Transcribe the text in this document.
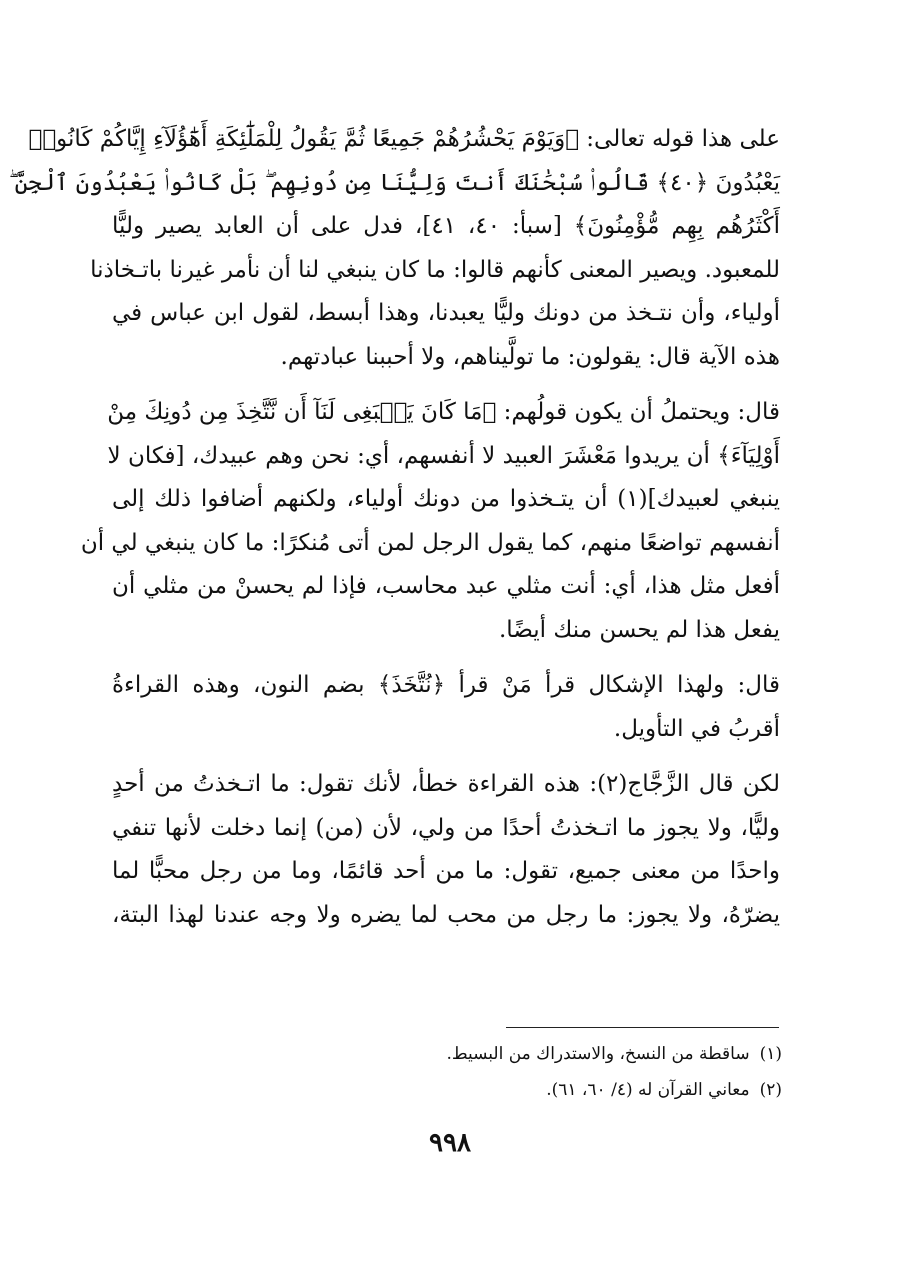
على هذا قوله تعالى: ﴿وَيَوْمَ يَحْشُرُهُمْ جَمِيعًا ثُمَّ يَقُولُ لِلْمَلَٰٓئِكَةِ أَهَٰٓؤُلَآءِ إِيَّاكُمْ كَانُوا۟
يَعْبُدُونَ ﴿٤٠﴾ قَالُوا۟ سُبْحَٰنَكَ أَنتَ وَلِيُّنَا مِن دُونِهِم ۖ بَلْ كَانُوا۟ يَعْبُدُونَ ٱلْجِنَّ ۖ
أَكْثَرُهُم بِهِم مُّؤْمِنُونَ﴾ [سبأ: ٤٠، ٤١]، فدل على أن العابد يصير وليًّا
للمعبود. ويصير المعنى كأنهم قالوا: ما كان ينبغي لنا أن نأمر غيرنا باتـخاذنا
أولياء، وأن نتـخذ من دونك وليًّا يعبدنا، وهذا أبسط، لقول ابن عباس في
هذه الآية قال: يقولون: ما تولَّيناهم، ولا أحببنا عبادتهم.
قال: ويحتملُ أن يكون قولُهم: ﴿مَا كَانَ يَنۢبَغِى لَنَآ أَن نَّتَّخِذَ مِن دُونِكَ مِنْ
أَوْلِيَآءَ﴾ أن يريدوا مَعْشَرَ العبيد لا أنفسهم، أي: نحن وهم عبيدك، [فكان لا
ينبغي لعبيدك](١) أن يتـخذوا من دونك أولياء، ولكنهم أضافوا ذلك إلى
أنفسهم تواضعًا منهم، كما يقول الرجل لمن أتى مُنكرًا: ما كان ينبغي لي أن
أفعل مثل هذا، أي: أنت مثلي عبد محاسب، فإذا لم يحسنْ من مثلي أن
يفعل هذا لم يحسن منك أيضًا.
قال: ولهذا الإشكال قرأ مَنْ قرأ ﴿نُتَّخَذَ﴾ بضم النون، وهذه القراءةُ
أقربُ في التأويل.
لكن قال الزَّجَّاج(٢): هذه القراءة خطأ، لأنك تقول: ما اتـخذتُ من أحدٍ
وليًّا، ولا يجوز ما اتـخذتُ أحدًا من ولي، لأن (من) إنما دخلت لأنها تنفي
واحدًا من معنى جميع، تقول: ما من أحد قائمًا، وما من رجل محبًّا لما
يضرّهُ، ولا يجوز: ما رجل من محب لما يضره ولا وجه عندنا لهذا البتة،
(١)ساقطة من النسخ، والاستدراك من البسيط.
(٢)معاني القرآن له (٤/ ٦٠، ٦١).
٩٩٨
